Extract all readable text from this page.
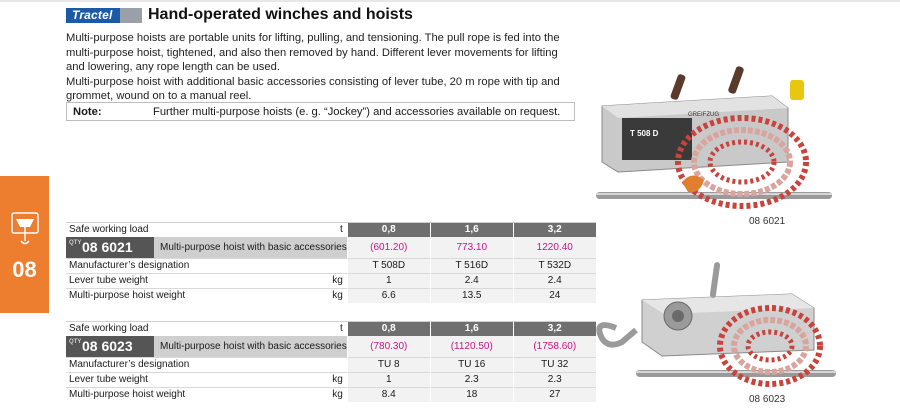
Tractel	Hand-operated winches and hoists

Multi-purpose hoists are portable units for lifting, pulling, and tensioning. The pull rope is fed into the multi-purpose hoist, tightened, and also then removed by hand. Different lever movements for lifting and lowering, any rope length can be used.

Multi-purpose hoist with additional basic accessories consisting of lever tube, 20 m rope with tip and grommet, wound on to a manual reel.

Note:	Further multi-purpose hoists (e. g. “Jockey”) and accessories available on request.
08
Safe working load	t	0,8	1,6	3,2

QTY 08 6021 Multi-purpose hoist with basic accessories		(601.20)	773.10	1220.40
Manufacturer’s designation		T 508D	T 516D	T 532D
Lever tube weight	kg	1	2.4	2.4
Multi-purpose hoist weight	kg	6.6	13.5	24
Safe working load	t	0,8	1,6	3,2

QTY 08 6023 Multi-purpose hoist with basic accessories		(780.30)	(1120.50)	(1758.60)
Manufacturer’s designation		TU 8	TU 16	TU 32
Lever tube weight	kg	1	2.3	2.3
Multi-purpose hoist weight	kg	8.4	18	27
T 508 D
GREIFZUG
08 6021
08 6023
